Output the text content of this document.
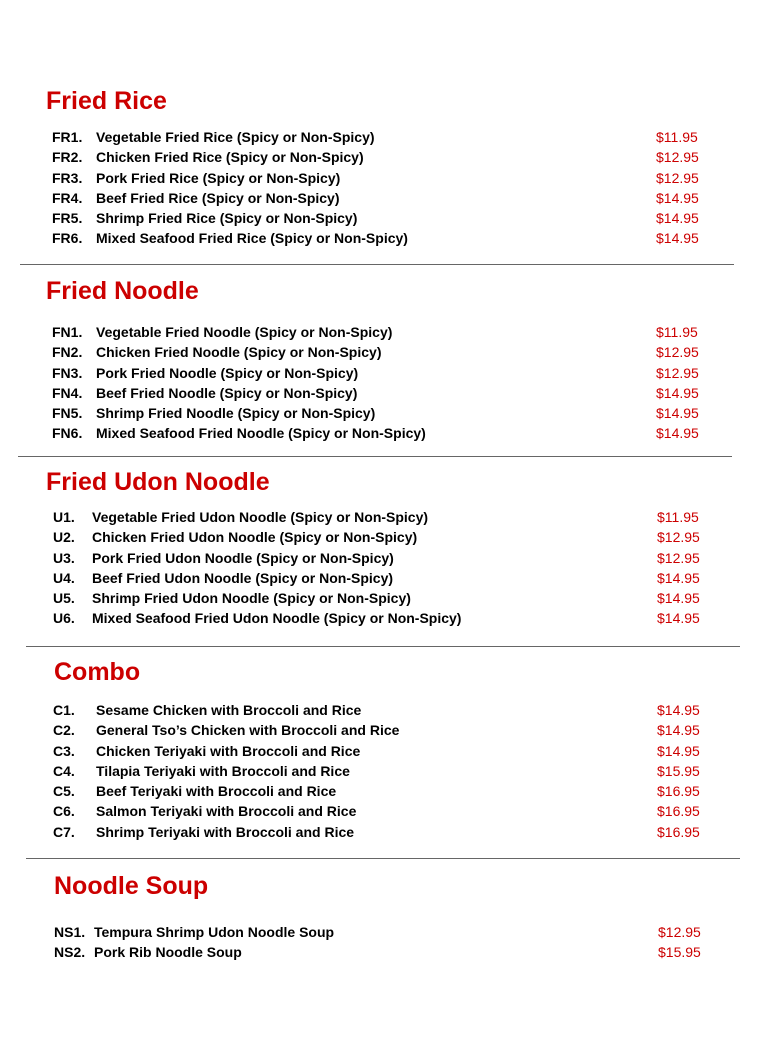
Fried Rice
FR1. Vegetable Fried Rice (Spicy or Non-Spicy)	$11.95
FR2. Chicken Fried Rice (Spicy or Non-Spicy)	$12.95
FR3. Pork Fried Rice (Spicy or Non-Spicy)	$12.95
FR4. Beef Fried Rice (Spicy or Non-Spicy)	$14.95
FR5. Shrimp Fried Rice (Spicy or Non-Spicy)	$14.95
FR6. Mixed Seafood Fried Rice (Spicy or Non-Spicy)	$14.95
Fried Noodle
FN1. Vegetable Fried Noodle (Spicy or Non-Spicy)	$11.95
FN2. Chicken Fried Noodle (Spicy or Non-Spicy)	$12.95
FN3. Pork Fried Noodle (Spicy or Non-Spicy)	$12.95
FN4. Beef Fried Noodle (Spicy or Non-Spicy)	$14.95
FN5. Shrimp Fried Noodle (Spicy or Non-Spicy)	$14.95
FN6. Mixed Seafood Fried Noodle (Spicy or Non-Spicy)	$14.95
Fried Udon Noodle
U1. Vegetable Fried Udon Noodle (Spicy or Non-Spicy)	$11.95
U2. Chicken Fried Udon Noodle (Spicy or Non-Spicy)	$12.95
U3. Pork Fried Udon Noodle (Spicy or Non-Spicy)	$12.95
U4. Beef Fried Udon Noodle (Spicy or Non-Spicy)	$14.95
U5. Shrimp Fried Udon Noodle (Spicy or Non-Spicy)	$14.95
U6. Mixed Seafood Fried Udon Noodle (Spicy or Non-Spicy)	$14.95
Combo
C1. Sesame Chicken with Broccoli and Rice	$14.95
C2. General Tso’s Chicken with Broccoli and Rice	$14.95
C3. Chicken Teriyaki with Broccoli and Rice	$14.95
C4. Tilapia Teriyaki with Broccoli and Rice	$15.95
C5. Beef Teriyaki with Broccoli and Rice	$16.95
C6. Salmon Teriyaki with Broccoli and Rice	$16.95
C7. Shrimp Teriyaki with Broccoli and Rice	$16.95
Noodle Soup
NS1. Tempura Shrimp Udon Noodle Soup	$12.95
NS2. Pork Rib Noodle Soup	$15.95
